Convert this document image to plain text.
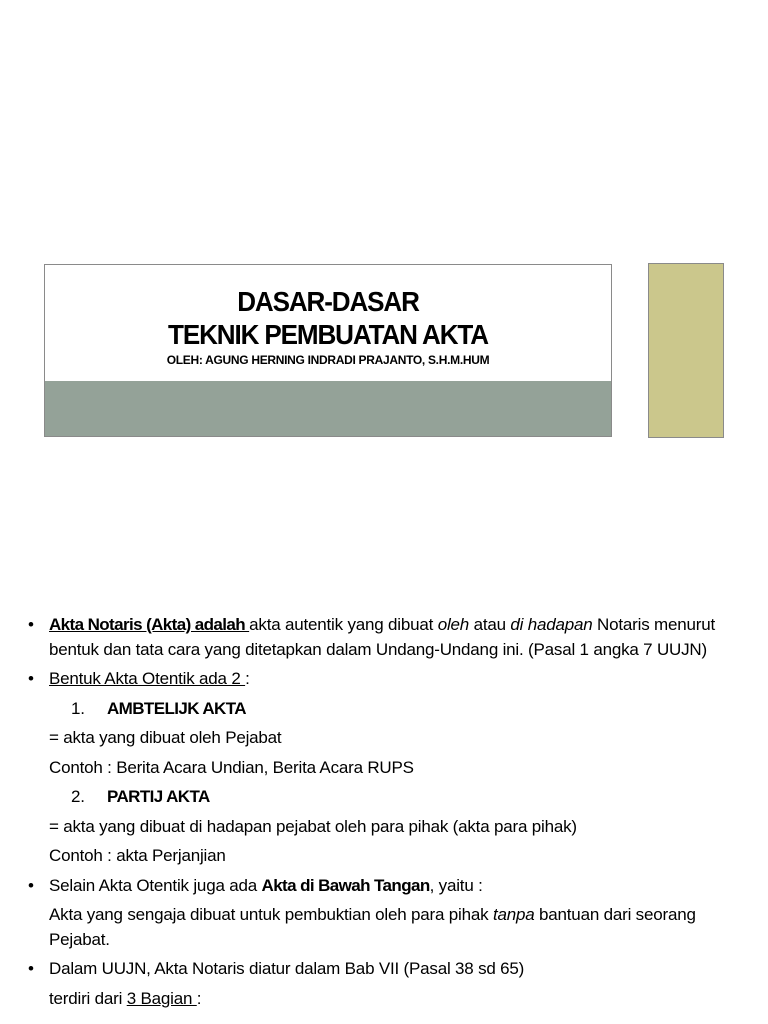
DASAR-DASAR
TEKNIK PEMBUATAN AKTA
OLEH: AGUNG HERNING INDRADI PRAJANTO, S.H.M.HUM
• Akta Notaris (Akta) adalah akta autentik yang dibuat oleh atau di hadapan Notaris menurut bentuk dan tata cara yang ditetapkan dalam Undang-Undang ini. (Pasal 1 angka 7 UUJN)
• Bentuk Akta Otentik ada 2 :
1. AMBTELIJK AKTA
= akta yang dibuat oleh Pejabat
Contoh : Berita Acara Undian, Berita Acara RUPS
2. PARTIJ AKTA
= akta yang dibuat di hadapan pejabat oleh para pihak (akta para pihak)
Contoh : akta Perjanjian
• Selain Akta Otentik juga ada Akta di Bawah Tangan, yaitu :
Akta yang sengaja dibuat untuk pembuktian oleh para pihak tanpa bantuan dari seorang Pejabat.
• Dalam UUJN, Akta Notaris diatur dalam Bab VII (Pasal 38 sd 65)
terdiri dari 3 Bagian :
